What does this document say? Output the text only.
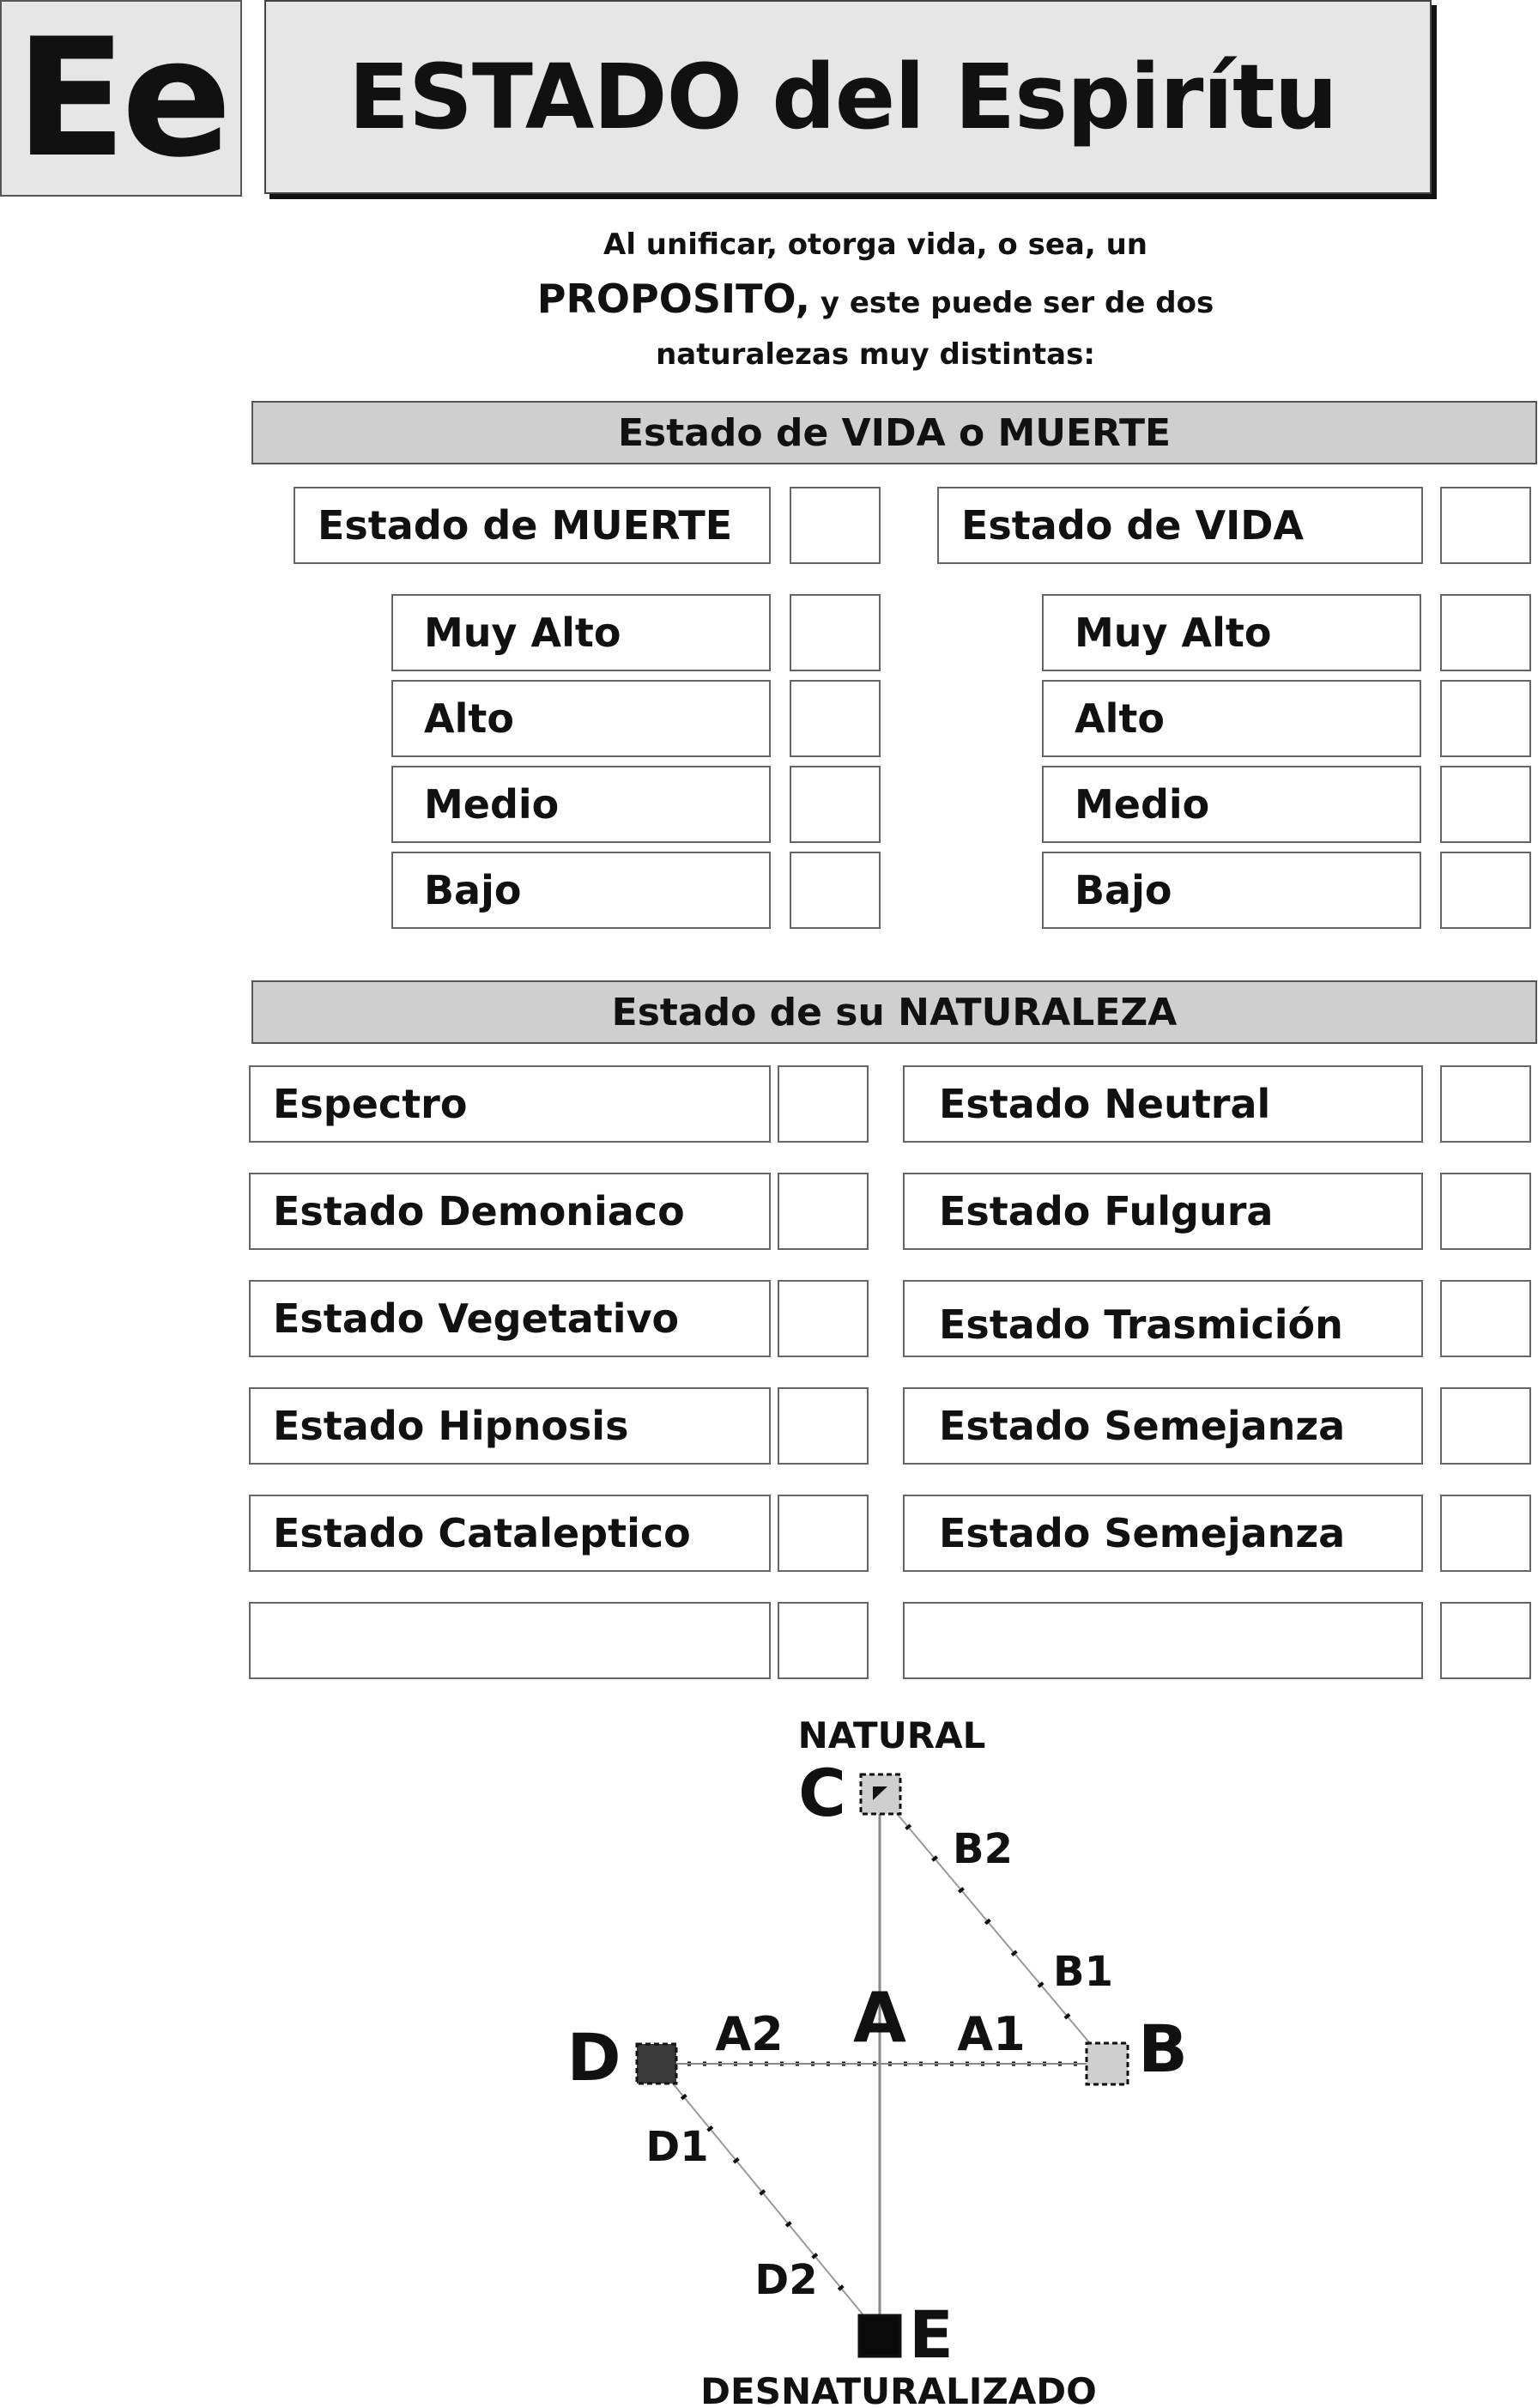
Ee	ESTADO del Espirítu
Al unificar, otorga vida, o sea, un
PROPOSITO, y este puede ser de dos
naturalezas muy distintas:
Estado de VIDA o MUERTE
Estado de MUERTE	Estado de VIDA
Muy Alto
Alto
Medio
Bajo
Muy Alto
Alto
Medio
Bajo
Estado de su NATURALEZA
Espectro
Estado Demoniaco
Estado Vegetativo
Estado Hipnosis
Estado Cataleptico
Estado Neutral
Estado Fulgura
Estado Trasmición
Estado Semejanza
Estado Semejanza
NATURAL
DESNATURALIZADO
C
A	B
D
E
B2
B1
A1
A2
D1
D2
